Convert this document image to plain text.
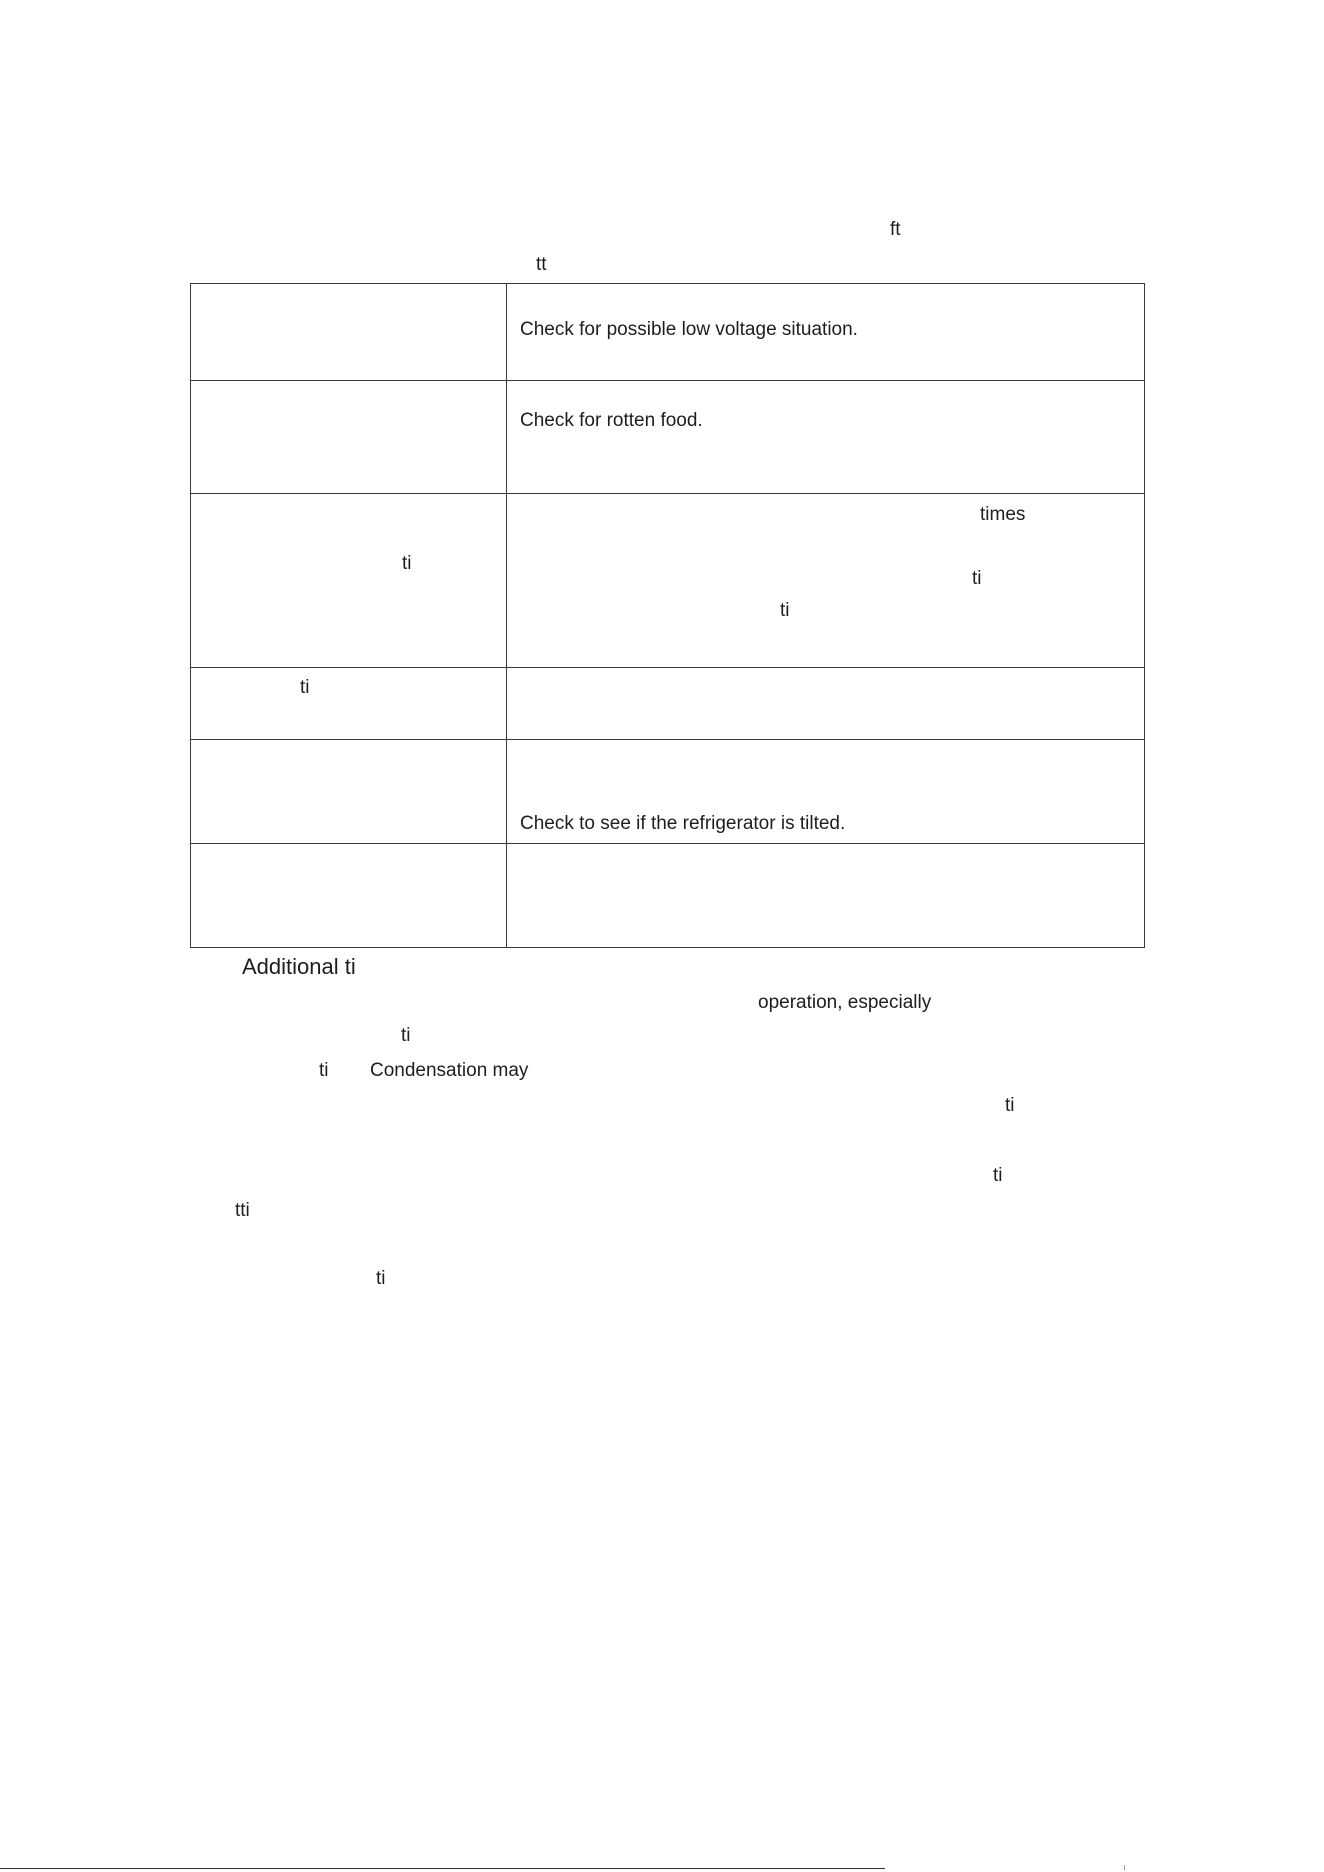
ft
tt
Check for possible low voltage situation.
Check for rotten food.
ti
times
ti
ti
ti
Check to see if the refrigerator is tilted.
Additional ti
operation, especially
ti
ti Condensation may
ti
ti
tti
ti
